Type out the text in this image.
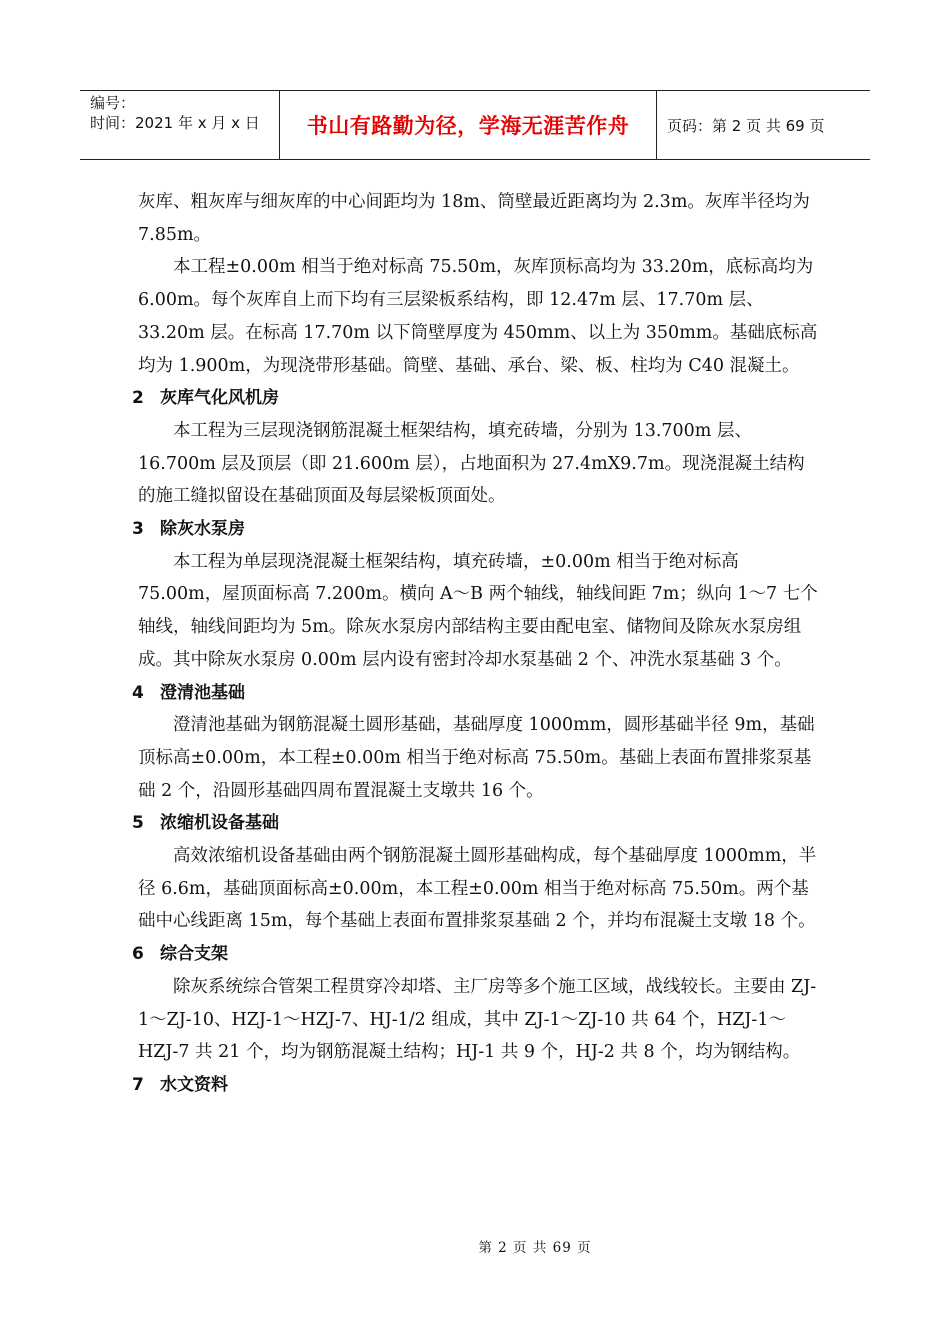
编号：
时间：2021 年 x 月 x 日	书山有路勤为径，学海无涯苦作舟	页码：第 2 页 共 69 页

灰库、粗灰库与细灰库的中心间距均为 18m、筒壁最近距离均为 2.3m。灰库半径均为 7.85m。

本工程±0.00m 相当于绝对标高 75.50m，灰库顶标高均为 33.20m，底标高均为 6.00m。每个灰库自上而下均有三层梁板系结构，即 12.47m 层、17.70m 层、33.20m 层。在标高 17.70m 以下筒壁厚度为 450mm、以上为 350mm。基础底标高均为 1.900m，为现浇带形基础。筒壁、基础、承台、梁、板、柱均为 C40 混凝土。

2 灰库气化风机房

本工程为三层现浇钢筋混凝土框架结构，填充砖墙，分别为 13.700m 层、16.700m 层及顶层（即 21.600m 层），占地面积为 27.4mX9.7m。现浇混凝土结构的施工缝拟留设在基础顶面及每层梁板顶面处。

3 除灰水泵房

本工程为单层现浇混凝土框架结构，填充砖墙，±0.00m 相当于绝对标高 75.00m，屋顶面标高 7.200m。横向 A～B 两个轴线，轴线间距 7m；纵向 1～7 七个轴线，轴线间距均为 5m。除灰水泵房内部结构主要由配电室、储物间及除灰水泵房组成。其中除灰水泵房 0.00m 层内设有密封冷却水泵基础 2 个、冲洗水泵基础 3 个。

4 澄清池基础

澄清池基础为钢筋混凝土圆形基础，基础厚度 1000mm，圆形基础半径 9m，基础顶标高±0.00m，本工程±0.00m 相当于绝对标高 75.50m。基础上表面布置排浆泵基础 2 个，沿圆形基础四周布置混凝土支墩共 16 个。

5 浓缩机设备基础

高效浓缩机设备基础由两个钢筋混凝土圆形基础构成，每个基础厚度 1000mm，半径 6.6m，基础顶面标高±0.00m，本工程±0.00m 相当于绝对标高 75.50m。两个基础中心线距离 15m，每个基础上表面布置排浆泵基础 2 个，并均布混凝土支墩 18 个。

6 综合支架

除灰系统综合管架工程贯穿冷却塔、主厂房等多个施工区域，战线较长。主要由 ZJ-1～ZJ-10、HZJ-1～HZJ-7、HJ-1/2 组成，其中 ZJ-1～ZJ-10 共 64 个，HZJ-1～HZJ-7 共 21 个，均为钢筋混凝土结构；HJ-1 共 9 个，HJ-2 共 8 个，均为钢结构。

7 水文资料
第 2 页 共 69 页
